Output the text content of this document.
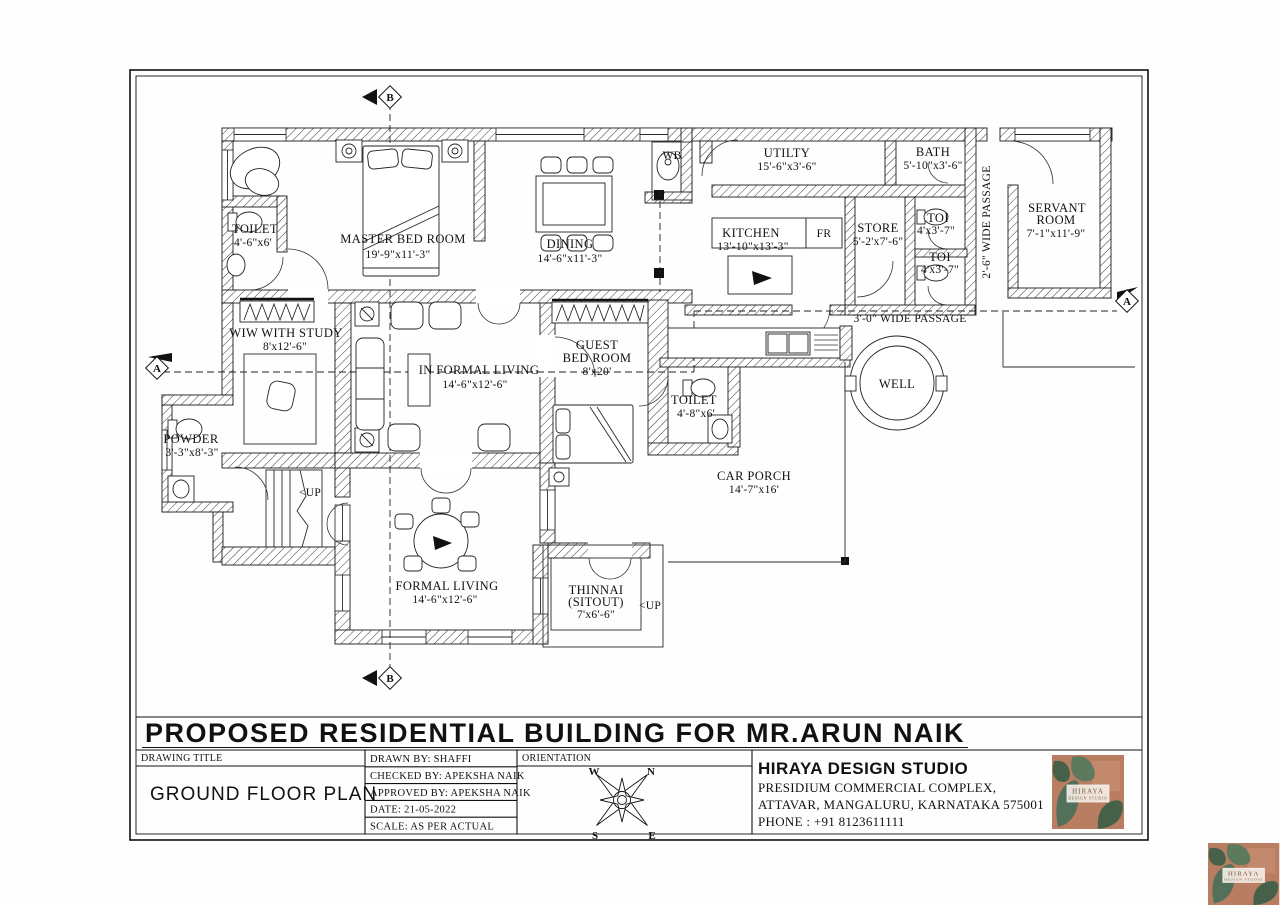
B
B
A
A
TOILET
4'-6"x6'	MASTER BED ROOM
19'-9"x11'-3"
DINING
14'-6"x11'-3"
WB	UTILTY
15'-6"x3'-6"
BATH
5'-10"x3'-6"
KITCHEN
13'-10"x13'-3"
FR STORE
5'-2'x7'-6"
TOI
4'x3'-7"
TOI
4'x3'-7"
SERVANT
ROOM
7'-1"x11'-9"
WIW WITH STUDY
8'x12'-6"
IN FORMAL LIVING
14'-6"x12'-6"
GUEST
BED ROOM
8'x20'
TOILET
4'-8"x6'
POWDER
3'-3"x8'-3"
WELL
CAR PORCH
14'-7"x16'
FORMAL LIVING
14'-6"x12'-6"
THINNAI
(SITOUT)
7'x6'-6"
3'-0" WIDE PASSAGE
2'-6" WIDE PASSAGE
<UP
<UP
PROPOSED RESIDENTIAL BUILDING FOR MR.ARUN NAIK
DRAWING TITLE
GROUND FLOOR PLAN
DRAWN BY: SHAFFI
CHECKED BY: APEKSHA NAIK
APPROVED BY: APEKSHA NAIK
DATE: 21-05-2022
SCALE: AS PER ACTUAL
ORIENTATION
W	N
S	E
HIRAYA DESIGN STUDIO
PRESIDIUM COMMERCIAL COMPLEX,
ATTAVAR, MANGALURU, KARNATAKA 575001
PHONE : +91 8123611111
HIRAYA
DESIGN STUDIO
HIRAYA
DESIGN STUDIO
